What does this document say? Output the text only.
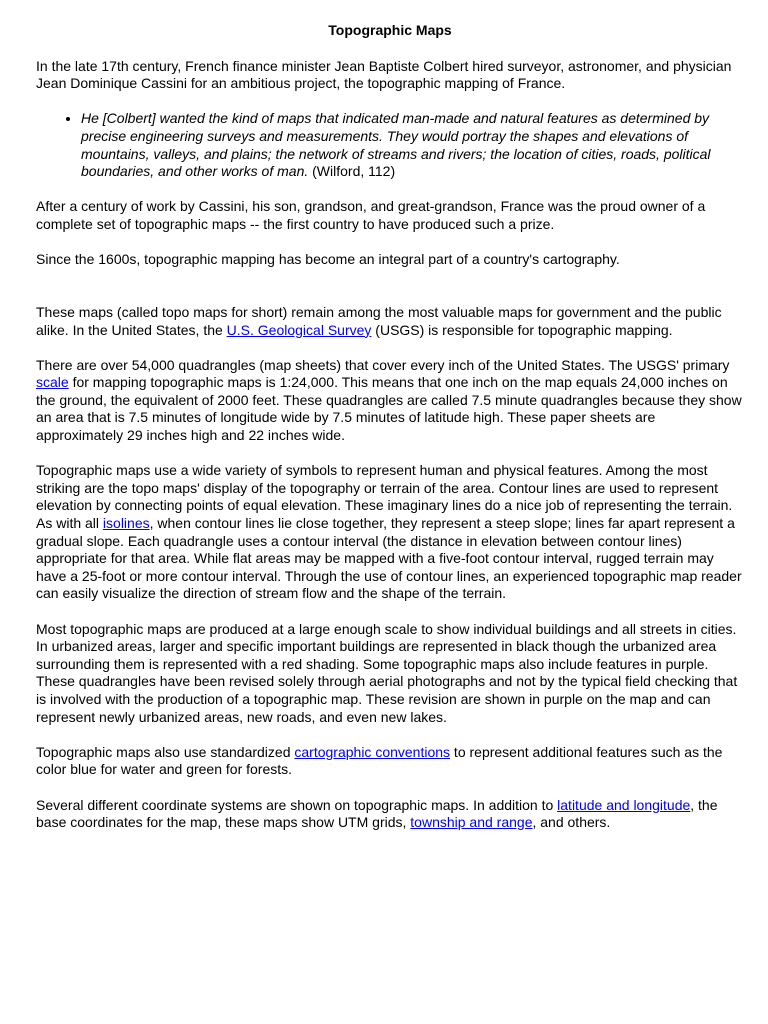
Topographic Maps

In the late 17th century, French finance minister Jean Baptiste Colbert hired surveyor, astronomer, and physician Jean Dominique Cassini for an ambitious project, the topographic mapping of France.

• He [Colbert] wanted the kind of maps that indicated man-made and natural features as determined by precise engineering surveys and measurements. They would portray the shapes and elevations of mountains, valleys, and plains; the network of streams and rivers; the location of cities, roads, political boundaries, and other works of man. (Wilford, 112)

After a century of work by Cassini, his son, grandson, and great-grandson, France was the proud owner of a complete set of topographic maps -- the first country to have produced such a prize.

Since the 1600s, topographic mapping has become an integral part of a country's cartography.

These maps (called topo maps for short) remain among the most valuable maps for government and the public alike. In the United States, the U.S. Geological Survey (USGS) is responsible for topographic mapping.

There are over 54,000 quadrangles (map sheets) that cover every inch of the United States. The USGS' primary scale for mapping topographic maps is 1:24,000. This means that one inch on the map equals 24,000 inches on the ground, the equivalent of 2000 feet. These quadrangles are called 7.5 minute quadrangles because they show an area that is 7.5 minutes of longitude wide by 7.5 minutes of latitude high. These paper sheets are approximately 29 inches high and 22 inches wide.

Topographic maps use a wide variety of symbols to represent human and physical features. Among the most striking are the topo maps' display of the topography or terrain of the area. Contour lines are used to represent elevation by connecting points of equal elevation. These imaginary lines do a nice job of representing the terrain. As with all isolines, when contour lines lie close together, they represent a steep slope; lines far apart represent a gradual slope. Each quadrangle uses a contour interval (the distance in elevation between contour lines) appropriate for that area. While flat areas may be mapped with a five-foot contour interval, rugged terrain may have a 25-foot or more contour interval. Through the use of contour lines, an experienced topographic map reader can easily visualize the direction of stream flow and the shape of the terrain.

Most topographic maps are produced at a large enough scale to show individual buildings and all streets in cities. In urbanized areas, larger and specific important buildings are represented in black though the urbanized area surrounding them is represented with a red shading. Some topographic maps also include features in purple. These quadrangles have been revised solely through aerial photographs and not by the typical field checking that is involved with the production of a topographic map. These revision are shown in purple on the map and can represent newly urbanized areas, new roads, and even new lakes.

Topographic maps also use standardized cartographic conventions to represent additional features such as the color blue for water and green for forests.

Several different coordinate systems are shown on topographic maps. In addition to latitude and longitude, the base coordinates for the map, these maps show UTM grids, township and range, and others.
